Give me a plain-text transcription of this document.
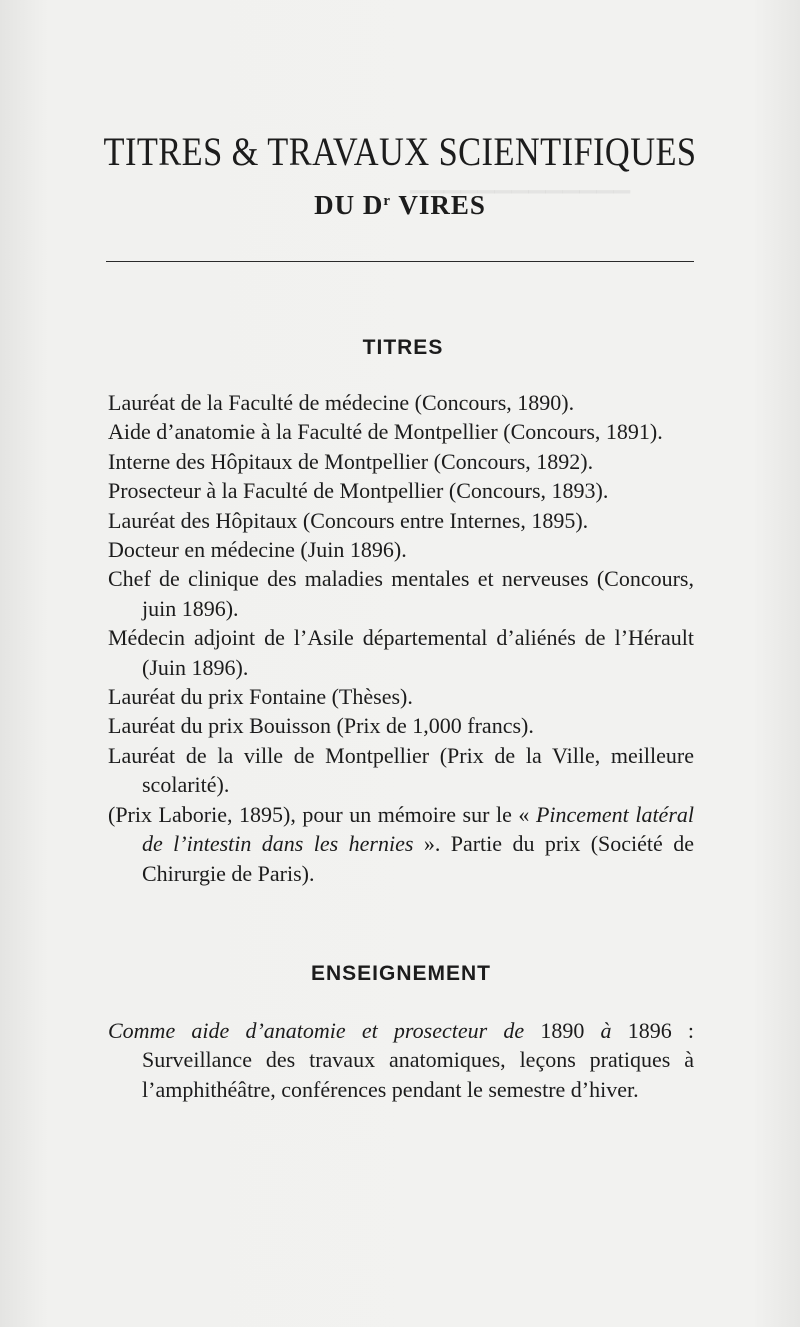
▁▁▁▁▁▁▁▁▁▁▁▁▁
TITRES & TRAVAUX SCIENTIFIQUES
DU $D^r$ VIRES
TITRES
Lauréat de la Faculté de médecine (Concours, 1890).
Aide d’anatomie à la Faculté de Montpellier (Concours, 1891).
Interne des Hôpitaux de Montpellier (Concours, 1892).
Prosecteur à la Faculté de Montpellier (Concours, 1893).
Lauréat des Hôpitaux (Concours entre Internes, 1895).
Docteur en médecine (Juin 1896).
Chef de clinique des maladies mentales et nerveuses (Concours, juin 1896).
Médecin adjoint de l’Asile départemental d’aliénés de l’Hérault (Juin 1896).
Lauréat du prix Fontaine (Thèses).
Lauréat du prix Bouisson (Prix de 1,000 francs).
Lauréat de la ville de Montpellier (Prix de la Ville, meilleure scolarité).
(Prix Laborie, 1895), pour un mémoire sur le « Pincement latéral de l’intestin dans les hernies ». Partie du prix (Société de Chirurgie de Paris).
ENSEIGNEMENT

Comme aide d’anatomie et prosecteur de 1890 à 1896 : Surveillance des travaux anatomiques, leçons pratiques à l’amphithéâtre, conférences pendant le semestre d’hiver.
